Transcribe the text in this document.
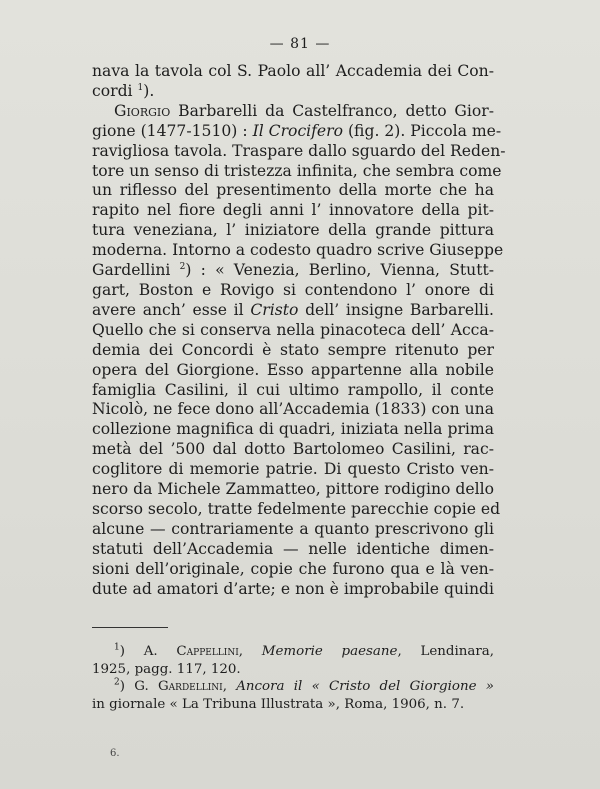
— 81 —
nava la tavola col S. Paolo all’ Accademia dei Con-
cordi $^1$).
Giorgio Barbarelli da Castelfranco, detto Gior-
gione (1477-1510) : Il Crocifero (fig. 2). Piccola me-
ravigliosa tavola. Traspare dallo sguardo del Reden-
tore un senso di tristezza infinita, che sembra come
un riflesso del presentimento della morte che ha
rapito nel fiore degli anni l’ innovatore della pit-
tura veneziana, l’ iniziatore della grande pittura
moderna. Intorno a codesto quadro scrive Giuseppe
Gardellini $^2$) : « Venezia, Berlino, Vienna, Stutt-
gart, Boston e Rovigo si contendono l’ onore di
avere anch’ esse il Cristo dell’ insigne Barbarelli.
Quello che si conserva nella pinacoteca dell’ Acca-
demia dei Concordi è stato sempre ritenuto per
opera del Giorgione. Esso appartenne alla nobile
famiglia Casilini, il cui ultimo rampollo, il conte
Nicolò, ne fece dono all’Accademia (1833) con una
collezione magnifica di quadri, iniziata nella prima
metà del ’500 dal dotto Bartolomeo Casilini, rac-
coglitore di memorie patrie. Di questo Cristo ven-
nero da Michele Zammatteo, pittore rodigino dello
scorso secolo, tratte fedelmente parecchie copie ed
alcune — contrariamente a quanto prescrivono gli
statuti dell’Accademia — nelle identiche dimen-
sioni dell’originale, copie che furono qua e là ven-
dute ad amatori d’arte; e non è improbabile quindi
$^1$) A. Cappellini, Memorie paesane, Lendinara,
1925, pagg. 117, 120.
$^2$) G. Gardellini, Ancora il « Cristo del Giorgione »
in giornale « La Tribuna Illustrata », Roma, 1906, n. 7.
6.
